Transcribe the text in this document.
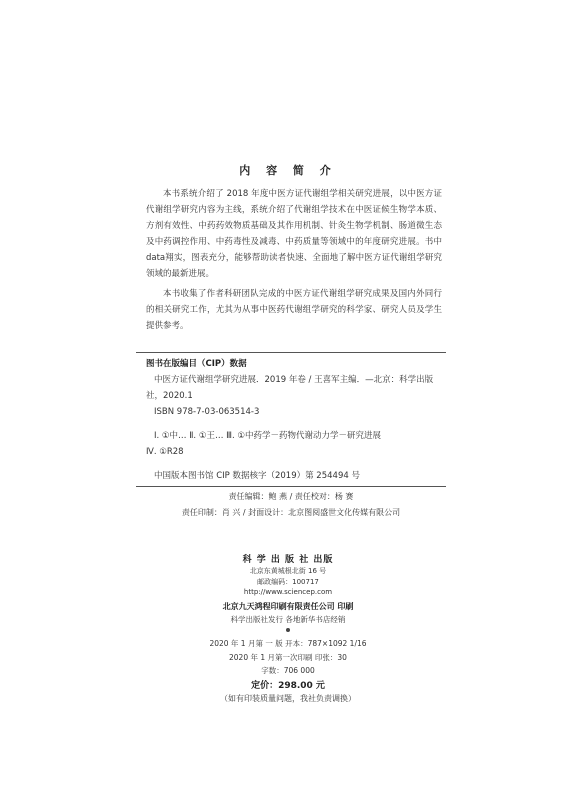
内 容 简 介

本书系统介绍了 2018 年度中医方证代谢组学相关研究进展，以中医方证代谢组学研究内容为主线，系统介绍了代谢组学技术在中医证候生物学本质、方剂有效性、中药药效物质基础及其作用机制、针灸生物学机制、肠道微生态及中药调控作用、中药毒性及减毒、中药质量等领域中的年度研究进展。书中data翔实，图表充分，能够帮助读者快速、全面地了解中医方证代谢组学研究领域的最新进展。

本书收集了作者科研团队完成的中医方证代谢组学研究成果及国内外同行的相关研究工作，尤其为从事中医药代谢组学研究的科学家、研究人员及学生提供参考。

图书在版编目（CIP）数据
中医方证代谢组学研究进展．2019 年卷 / 王喜军主编．—北京：科学出版
社，2020.1
ISBN 978-7-03-063514-3
Ⅰ. ①中… Ⅱ. ①王… Ⅲ. ①中药学－药物代谢动力学－研究进展
Ⅳ. ①R28
中国版本图书馆 CIP 数据核字（2019）第 254494 号
责任编辑：鲍 燕 / 责任校对：杨 赛
责任印制：肖 兴 / 封面设计：北京图阅盛世文化传媒有限公司
科 学 出 版 社 出版
北京东黄城根北街 16 号
邮政编码：100717
http://www.sciencep.com
北京九天鸿程印刷有限责任公司 印刷
科学出版社发行 各地新华书店经销
2020 年 1 月第 一 版 开本：787×1092 1/16
2020 年 1 月第一次印刷 印张：30
字数：706 000
定价：298.00 元
（如有印装质量问题，我社负责调换）
